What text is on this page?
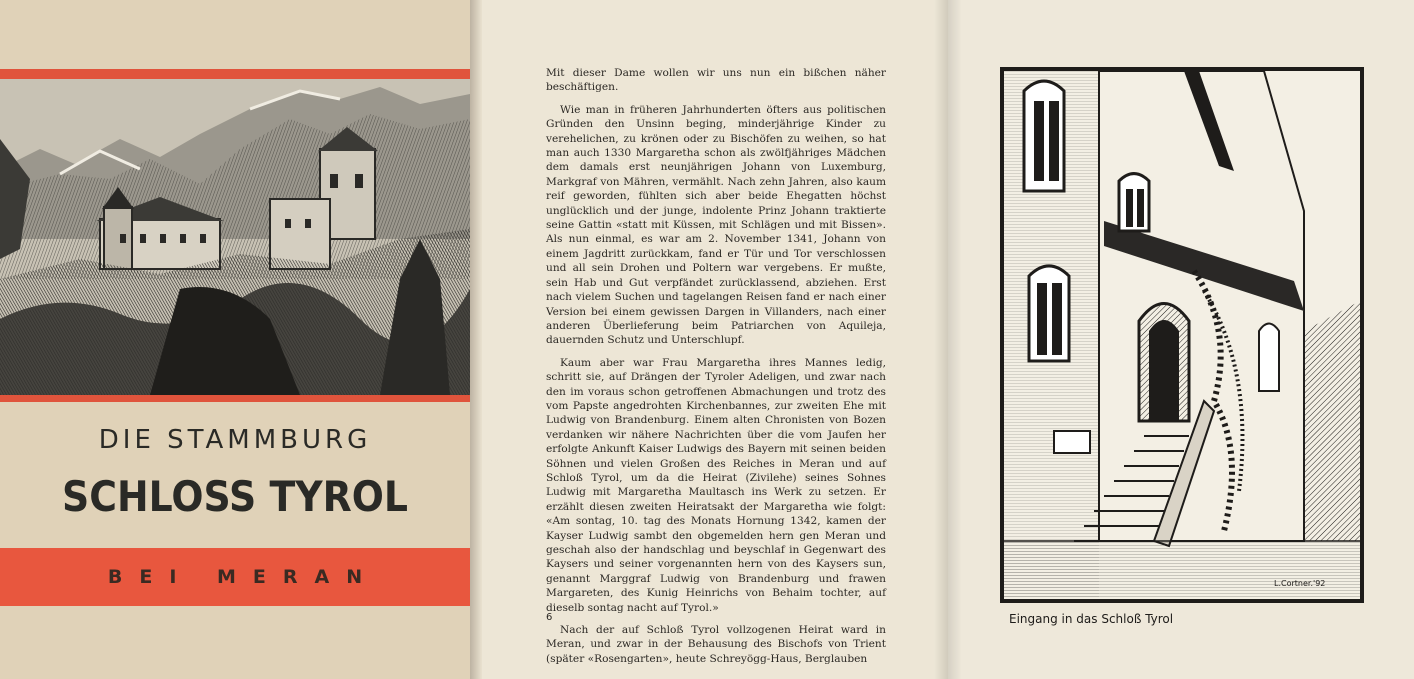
DIE STAMMBURG
SCHLOSS TYROL
BEI MERAN

Mit dieser Dame wollen wir uns nun ein bißchen näher beschäftigen.

Wie man in früheren Jahrhunderten öfters aus politischen Gründen den Unsinn beging, minderjährige Kinder zu verehelichen, zu krönen oder zu Bischöfen zu weihen, so hat man auch 1330 Margaretha schon als zwölfjähriges Mädchen dem damals erst neunjährigen Johann von Luxemburg, Markgraf von Mähren, vermählt. Nach zehn Jahren, also kaum reif geworden, fühlten sich aber beide Ehegatten höchst unglücklich und der junge, indolente Prinz Johann traktierte seine Gattin «statt mit Küssen, mit Schlägen und mit Bissen». Als nun einmal, es war am 2. November 1341, Johann von einem Jagdritt zurückkam, fand er Tür und Tor verschlossen und all sein Drohen und Poltern war vergebens. Er mußte, sein Hab und Gut verpfändet zurücklassend, abziehen. Erst nach vielem Suchen und tagelangen Reisen fand er nach einer Version bei einem gewissen Dargen in Villanders, nach einer anderen Überlieferung beim Patriarchen von Aquileja, dauernden Schutz und Unterschlupf.

Kaum aber war Frau Margaretha ihres Mannes ledig, schritt sie, auf Drängen der Tyroler Adeligen, und zwar nach den im voraus schon getroffenen Abmachungen und trotz des vom Papste angedrohten Kirchenbannes, zur zweiten Ehe mit Ludwig von Brandenburg. Einem alten Chronisten von Bozen verdanken wir nähere Nachrichten über die vom Jaufen her erfolgte Ankunft Kaiser Ludwigs des Bayern mit seinen beiden Söhnen und vielen Großen des Reiches in Meran und auf Schloß Tyrol, um da die Heirat (Zivilehe) seines Sohnes Ludwig mit Margaretha Maultasch ins Werk zu setzen. Er erzählt diesen zweiten Heiratsakt der Margaretha wie folgt: «Am sontag, 10. tag des Monats Hornung 1342, kamen der Kayser Ludwig sambt den obgemelden hern gen Meran und geschah also der handschlag und beyschlaf in Gegenwart des Kaysers und seiner vorgenannten hern von des Kaysers sun, genannt Marggraf Ludwig von Brandenburg und frawen Margareten, des Kunig Heinrichs von Behaim tochter, auf dieselb sontag nacht auf Tyrol.»

Nach der auf Schloß Tyrol vollzogenen Heirat ward in Meran, und zwar in der Behausung des Bischofs von Trient (später «Rosengarten», heute Schreyögg-Haus, Berglauben

6
L.Cortner.'92
Eingang in das Schloß Tyrol
